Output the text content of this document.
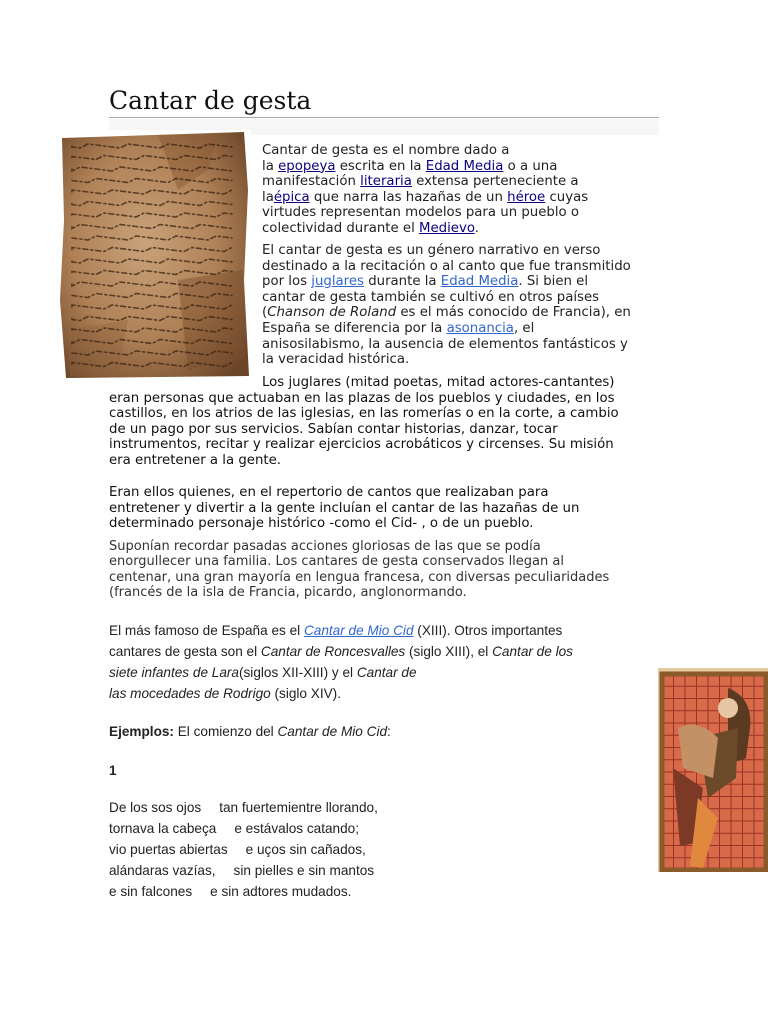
Cantar de gesta
Cantar de gesta es el nombre dado a
la epopeya escrita en la Edad Media o a una
manifestación literaria extensa perteneciente a
laépica que narra las hazañas de un héroe cuyas
virtudes representan modelos para un pueblo o
colectividad durante el Medievo.
El cantar de gesta es un género narrativo en verso
destinado a la recitación o al canto que fue transmitido
por los juglares durante la Edad Media. Si bien el
cantar de gesta también se cultivó en otros países
(Chanson de Roland es el más conocido de Francia), en
España se diferencia por la asonancia, el
anisosilabismo, la ausencia de elementos fantásticos y
la veracidad histórica.
Los juglares (mitad poetas, mitad actores-cantantes)
eran personas que actuaban en las plazas de los pueblos y ciudades, en los
castillos, en los atrios de las iglesias, en las romerías o en la corte, a cambio
de un pago por sus servicios. Sabían contar historias, danzar, tocar
instrumentos, recitar y realizar ejercicios acrobáticos y circenses. Su misión
era entretener a la gente.
Eran ellos quienes, en el repertorio de cantos que realizaban para
entretener y divertir a la gente incluían el cantar de las hazañas de un
determinado personaje histórico -como el Cid- , o de un pueblo.
Suponían recordar pasadas acciones gloriosas de las que se podía
enorgullecer una familia. Los cantares de gesta conservados llegan al
centenar, una gran mayoría en lengua francesa, con diversas peculiaridades
(francés de la isla de Francia, picardo, anglonormando.
El más famoso de España es el Cantar de Mio Cid (XIII). Otros importantes
cantares de gesta son el Cantar de Roncesvalles (siglo XIII), el Cantar de los
siete infantes de Lara(siglos XII-XIII) y el Cantar de
las mocedades de Rodrigo (siglo XIV).
Ejemplos: El comienzo del Cantar de Mio Cid:
1
De los sos ojos tan fuertemientre llorando,
tornava la cabeça e estávalos catando;
vio puertas abiertas e uços sin cañados,
alándaras vazías, sin pielles e sin mantos
e sin falcones e sin adtores mudados.
